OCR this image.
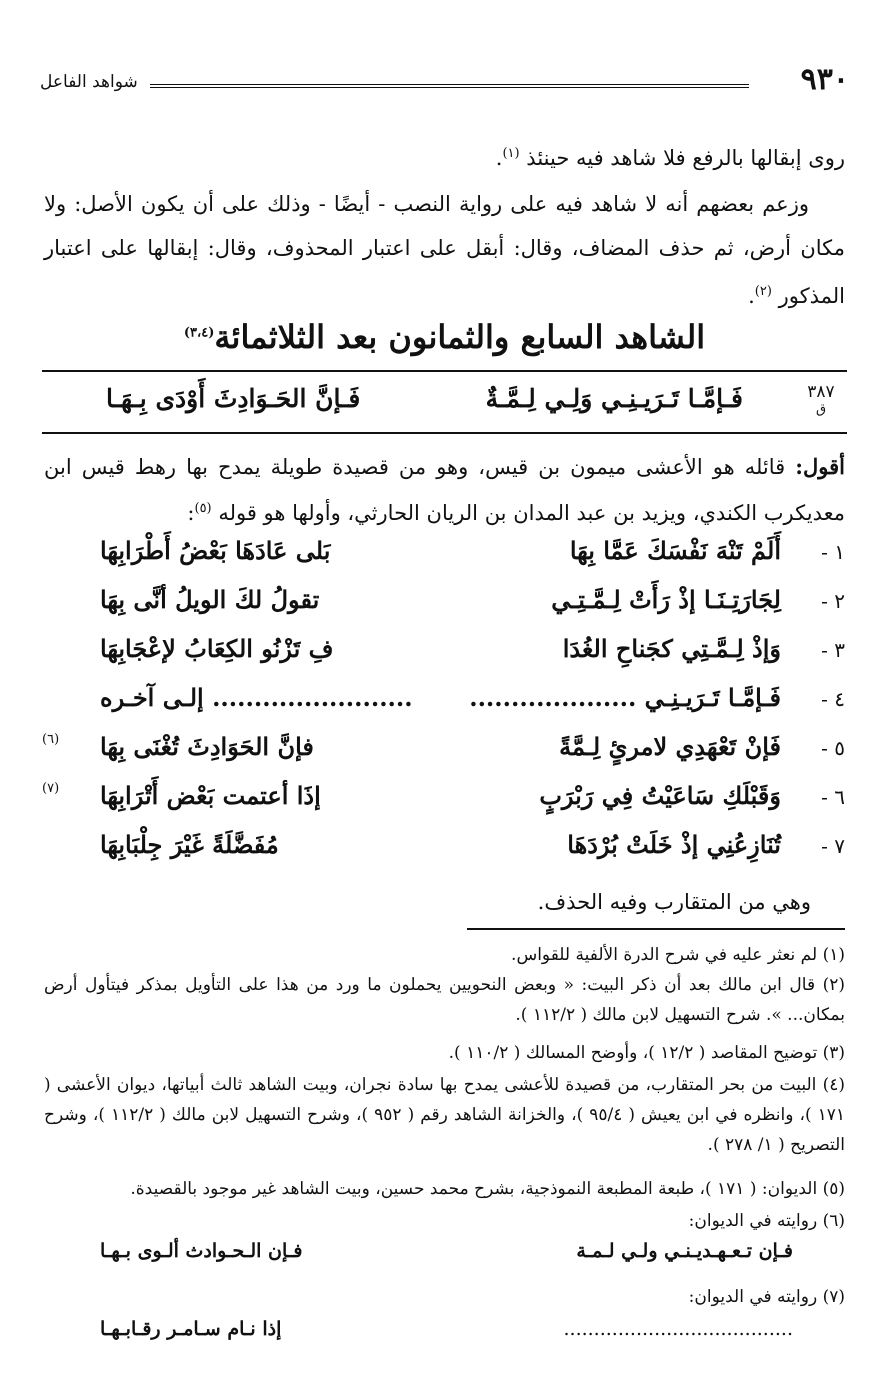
٩٣٠
شواهد الفاعل
روى إبقالها بالرفع فلا شاهد فيه حينئذ $^{(١)}$.
وزعم بعضهم أنه لا شاهد فيه على رواية النصب - أيضًا - وذلك على أن يكون الأصل: ولا مكان أرض، ثم حذف المضاف، وقال: أبقل على اعتبار المحذوف، وقال: إبقالها على اعتبار المذكور $^{(٢)}$.
الشاهد السابع والثمانون بعد الثلاثمائة$^{(٣،٤)}$
٣٨٧
ق
فَـإمَّـا تَـرَيـنِـي وَلِـي لِـمَّـةٌ
فَـإنَّ الحَـوَادِثَ أَوْدَى بِـهَـا
أقول: قائله هو الأعشى ميمون بن قيس، وهو من قصيدة طويلة يمدح بها رهط قيس ابن معديكرب الكندي، ويزيد بن عبد المدان بن الريان الحارثي، وأولها هو قوله $^{(٥)}$:
١ -
أَلَمْ تَنْهَ نَفْسَكَ عَمَّا بِهَا
بَلى عَادَهَا بَعْضُ أَطْرَابِهَا
٢ -
لِجَارَتِـنَـا إذْ رَأَتْ لِـمَّـتِـي
تقولُ لكَ الويلُ أنَّى بِهَا
٣ -
وَإذْ لِـمَّـتِي كجَناحِ الغُدَا
فِ تَزْنُو الكِعَابُ لإعْجَابِهَا
٤ -
فَـإمَّـا تَـرَيـنِـي ....................
........................ إلـى آخـره
٥ -
فَإنْ تَعْهَدِي لامرئٍ لِـمَّةً
فإنَّ الحَوَادِثَ تُغْنَى بِهَا
(٦)
٦ -
وَقَبْلَكِ سَاعَيْتُ فِي رَبْرَبٍ
إذَا أعتمت بَعْض أَتْرَابِهَا
(٧)
٧ -
تُنَازِعُنِي إذْ خَلَتْ بُرْدَهَا
مُفَضَّلَةً غَيْرَ جِلْبَابِهَا
وهي من المتقارب وفيه الحذف.
(١) لم نعثر عليه في شرح الدرة الألفية للقواس.
(٢) قال ابن مالك بعد أن ذكر البيت: « وبعض النحويين يحملون ما ورد من هذا على التأويل بمذكر فيتأول أرض بمكان... ». شرح التسهيل لابن مالك ( ١١٢/٢ ).
(٣) توضيح المقاصد ( ١٢/٢ )، وأوضح المسالك ( ١١٠/٢ ).
(٤) البيت من بحر المتقارب، من قصيدة للأعشى يمدح بها سادة نجران، وبيت الشاهد ثالث أبياتها، ديوان الأعشى ( ١٧١ )، وانظره في ابن يعيش ( ٩٥/٤ )، والخزانة الشاهد رقم ( ٩٥٢ )، وشرح التسهيل لابن مالك ( ١١٢/٢ )، وشرح التصريح ( ١/ ٢٧٨ ).
(٥) الديوان: ( ١٧١ )، طبعة المطبعة النموذجية، بشرح محمد حسين، وبيت الشاهد غير موجود بالقصيدة.
(٦) روايته في الديوان:
فـإن تـعـهـديـنـي ولـي لـمـة
فـإن الـحـوادث ألـوى بـهـا
(٧) روايته في الديوان:
......................................
إذا نـام سـامـر رقـابـهـا
